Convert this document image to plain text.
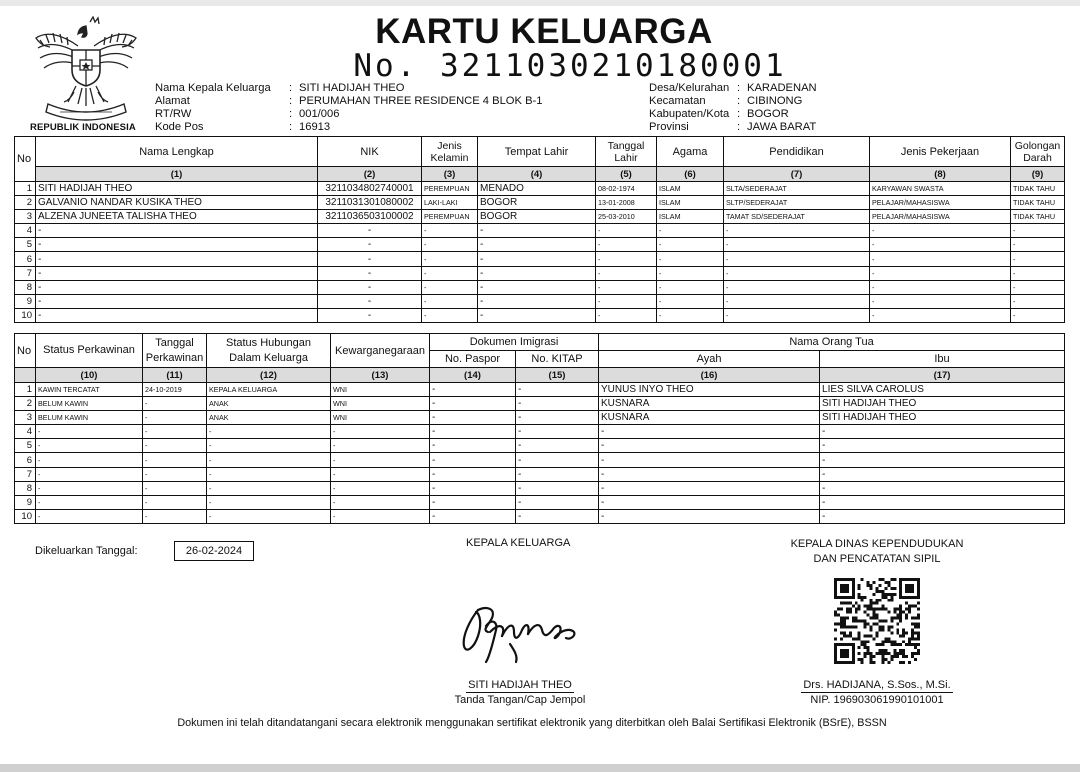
REPUBLIK INDONESIA
KARTU KELUARGA
No. 3211030210180001
Nama Kepala Keluarga	: SITI HADIJAH THEO
Alamat	: PERUMAHAN THREE RESIDENCE 4 BLOK B-1
RT/RW	: 001/006
Kode Pos	: 16913
Desa/Kelurahan : KARADENAN
Kecamatan	: CIBINONG
Kabupaten/Kota : BOGOR
Provinsi	: JAWA BARAT
No	Nama Lengkap	NIK	Jenis Kelamin	Tempat Lahir	Tanggal Lahir	Agama	Pendidikan	Jenis Pekerjaan	Golongan Darah
	(1)	(2)	(3)	(4)	(5)	(6)	(7)	(8)	(9)
1	SITI HADIJAH THEO	3211034802740001	PEREMPUAN	MENADO	08-02-1974	ISLAM	SLTA/SEDERAJAT	KARYAWAN SWASTA	TIDAK TAHU
2	GALVANIO NANDAR KUSIKA THEO	3211031301080002	LAKI-LAKI	BOGOR	13-01-2008	ISLAM	SLTP/SEDERAJAT	PELAJAR/MAHASISWA	TIDAK TAHU
3	ALZENA JUNEETA TALISHA THEO	3211036503100002	PEREMPUAN	BOGOR	25-03-2010	ISLAM	TAMAT SD/SEDERAJAT	PELAJAR/MAHASISWA	TIDAK TAHU
4	-	-	-	-	-	-	-	-	-
5	-	-	-	-	-	-	-	-	-
6	-	-	-	-	-	-	-	-	-
7	-	-	-	-	-	-	-	-	-
8	-	-	-	-	-	-	-	-	-
9	-	-	-	-	-	-	-	-	-
10	-	-	-	-	-	-	-	-	-
No	Status Perkawinan	Tanggal Perkawinan	Status Hubungan Dalam Keluarga	Kewarganegaraan	Dokumen Imigrasi		Nama Orang Tua	
					No. Paspor	No. KITAP	Ayah	Ibu
	(10)	(11)	(12)	(13)	(14)	(15)	(16)	(17)
1	KAWIN TERCATAT	24-10-2019	KEPALA KELUARGA	WNI	-	-	YUNUS INYO THEO	LIES SILVA CAROLUS
2	BELUM KAWIN	-	ANAK	WNI	-	-	KUSNARA	SITI HADIJAH THEO
3	BELUM KAWIN	-	ANAK	WNI	-	-	KUSNARA	SITI HADIJAH THEO
4	-	-	-	-	-	-	-	-
5	-	-	-	-	-	-	-	-
6	-	-	-	-	-	-	-	-
7	-	-	-	-	-	-	-	-
8	-	-	-	-	-	-	-	-
9	-	-	-	-	-	-	-	-
10	-	-	-	-	-	-	-	-
Dikeluarkan Tanggal:	26-02-2024
KEPALA KELUARGA	KEPALA DINAS KEPENDUDUKAN
DAN PENCATATAN SIPIL
SITI HADIJAH THEO
Tanda Tangan/Cap Jempol
Drs. HADIJANA, S.Sos., M.Si.
NIP. 196903061990101001
Dokumen ini telah ditandatangani secara elektronik menggunakan sertifikat elektronik yang diterbitkan oleh Balai Sertifikasi Elektronik (BSrE), BSSN
